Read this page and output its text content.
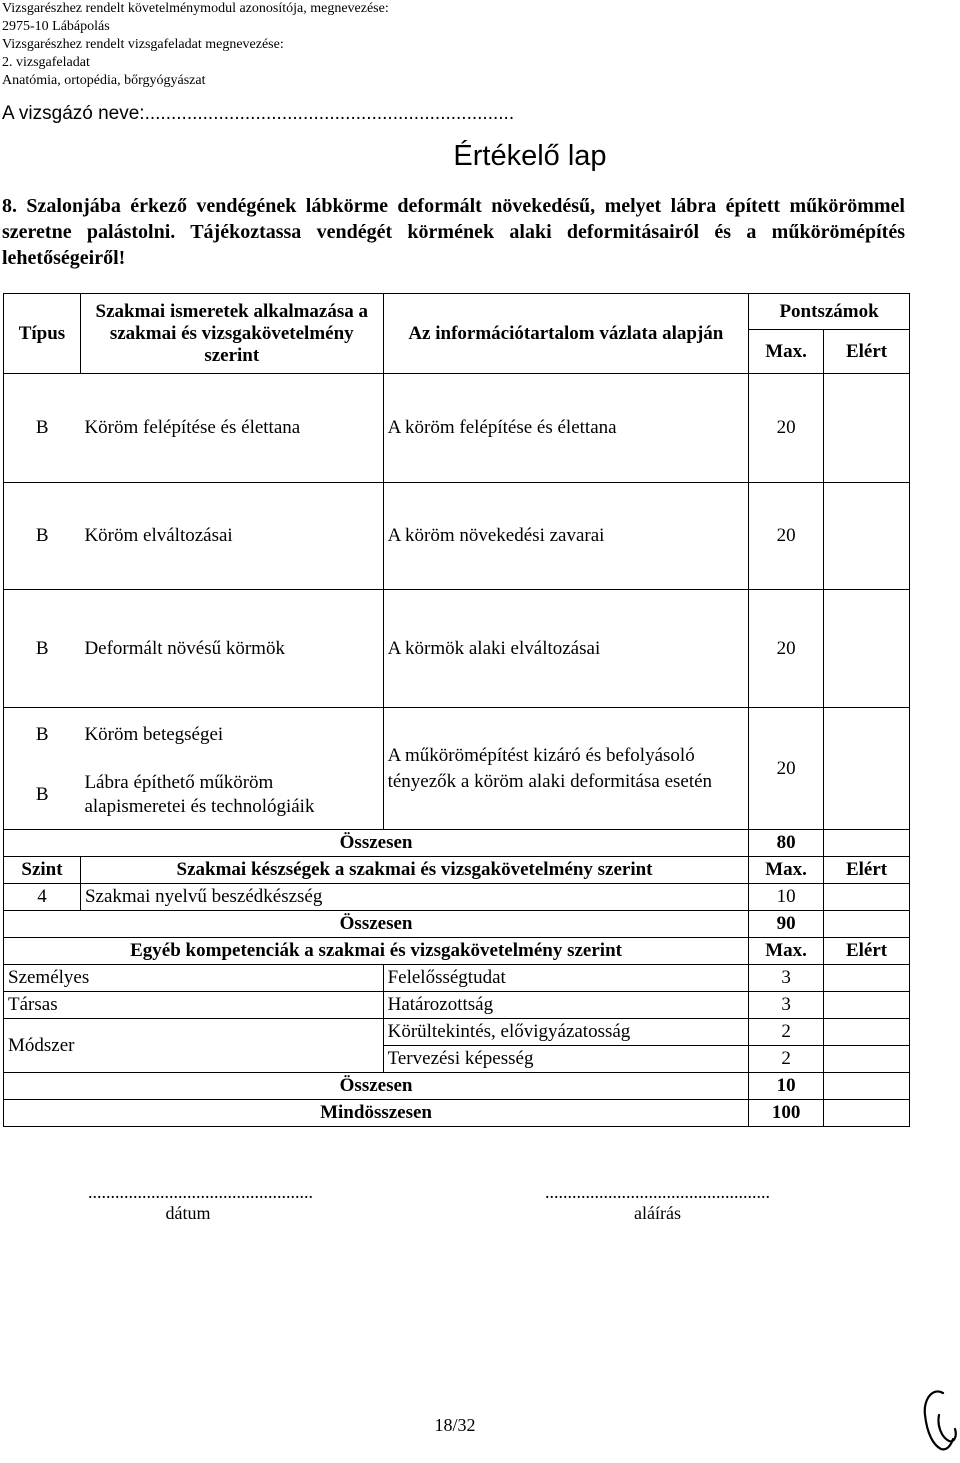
Vizsgarészhez rendelt követelménymodul azonosítója, megnevezése:
2975-10 Lábápolás
Vizsgarészhez rendelt vizsgafeladat megnevezése:
2. vizsgafeladat
Anatómia, ortopédia, bőrgyógyászat
A vizsgázó neve:......................................................................
Értékelő lap
8. Szalonjába érkező vendégének lábkörme deformált növekedésű, melyet lábra épített műkörömmel szeretne palástolni. Tájékoztassa vendégét körmének alaki deformitásairól és a műkörömépítés lehetőségeiről!
Típus	Szakmai ismeretek alkalmazása a szakmai és vizsgakövetelmény szerint	Az információtartalom vázlata alapján	Pontszámok	
			Max.	Elért
B	Köröm felépítése és élettana	A köröm felépítése és élettana	20	
B	Köröm elváltozásai	A köröm növekedési zavarai	20	
B	Deformált növésű körmök	A körmök alaki elváltozásai	20	
B	Köröm betegségei	A műkörömépítést kizáró és befolyásoló tényezők a köröm alaki deformitása esetén	20	
B	Lábra építhető műköröm alapismeretei és technológiáik			
Összesen			80	
Szint	Szakmai készségek a szakmai és vizsgakövetelmény szerint		Max.	Elért
4	Szakmai nyelvű beszédkészség		10	
Összesen			90	
Egyéb kompetenciák a szakmai és vizsgakövetelmény szerint			Max.	Elért
Személyes		Felelősségtudat	3	
Társas		Határozottság	3	
Módszer		Körültekintés, elővigyázatosság	2	
		Tervezési képesség	2	
Összesen			10	
Mindösszesen			100	
..................................................
dátum
..................................................
aláírás
18/32
